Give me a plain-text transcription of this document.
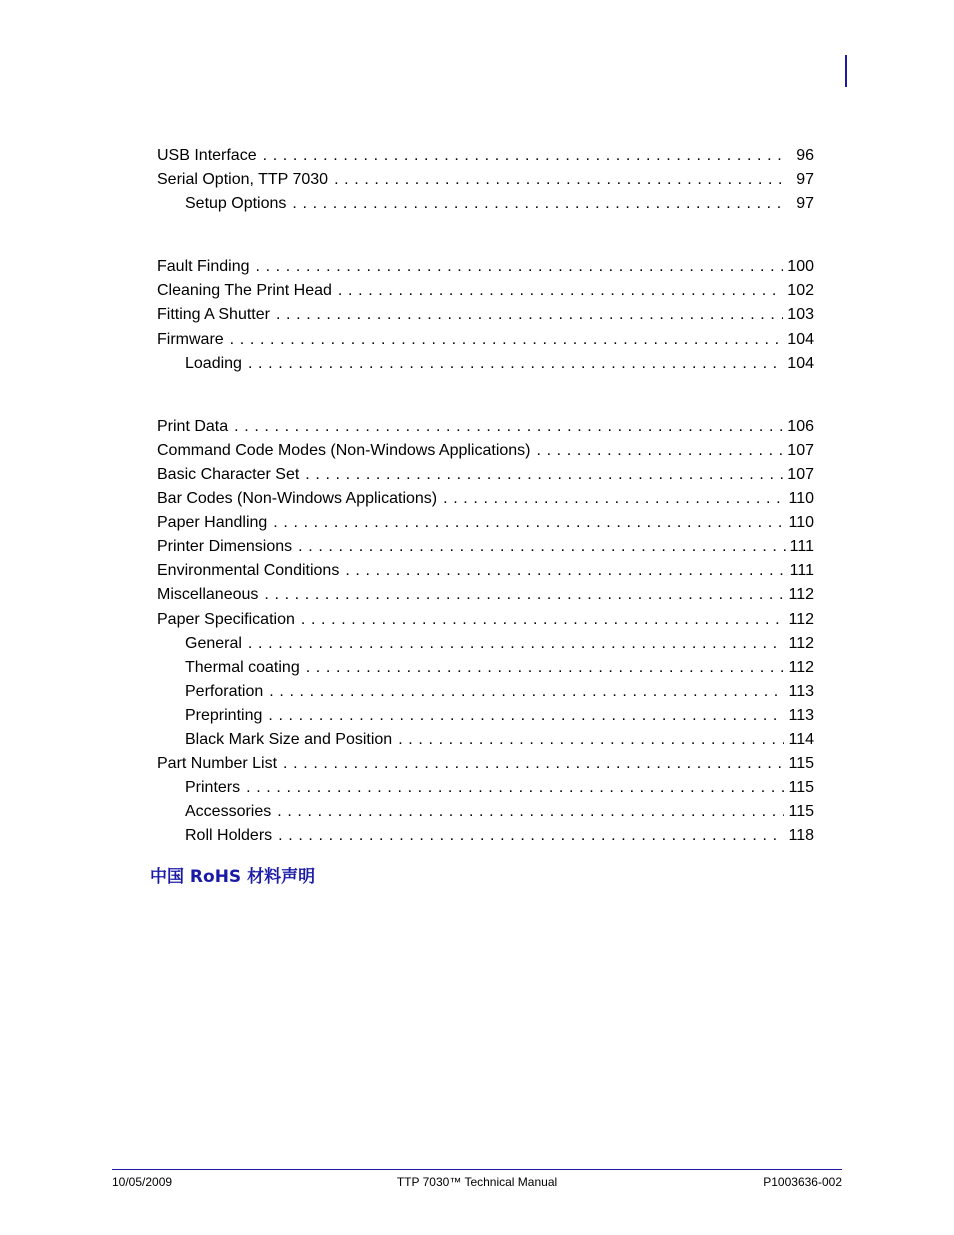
USB Interface . . .	96
Serial Option, TTP 7030 . . .	97
Setup Options . . .	97
Fault Finding . . .	100
Cleaning The Print Head . . .	102
Fitting A Shutter . . .	103
Firmware . . .	104
Loading . . .	104
Print Data . . .	106
Command Code Modes (Non-Windows Applications) . . .	107
Basic Character Set . . .	107
Bar Codes (Non-Windows Applications) . . .	110
Paper Handling . . .	110
Printer Dimensions . . .	111
Environmental Conditions . . .	111
Miscellaneous . . .	112
Paper Specification . . .	112
General . . .	112
Thermal coating . . .	112
Perforation . . .	113
Preprinting . . .	113
Black Mark Size and Position . . .	114
Part Number List . . .	115
Printers . . .	115
Accessories . . .	115
Roll Holders . . .	118
中国 RoHS 材料声明
10/05/2009	TTP 7030™ Technical Manual	P1003636-002
